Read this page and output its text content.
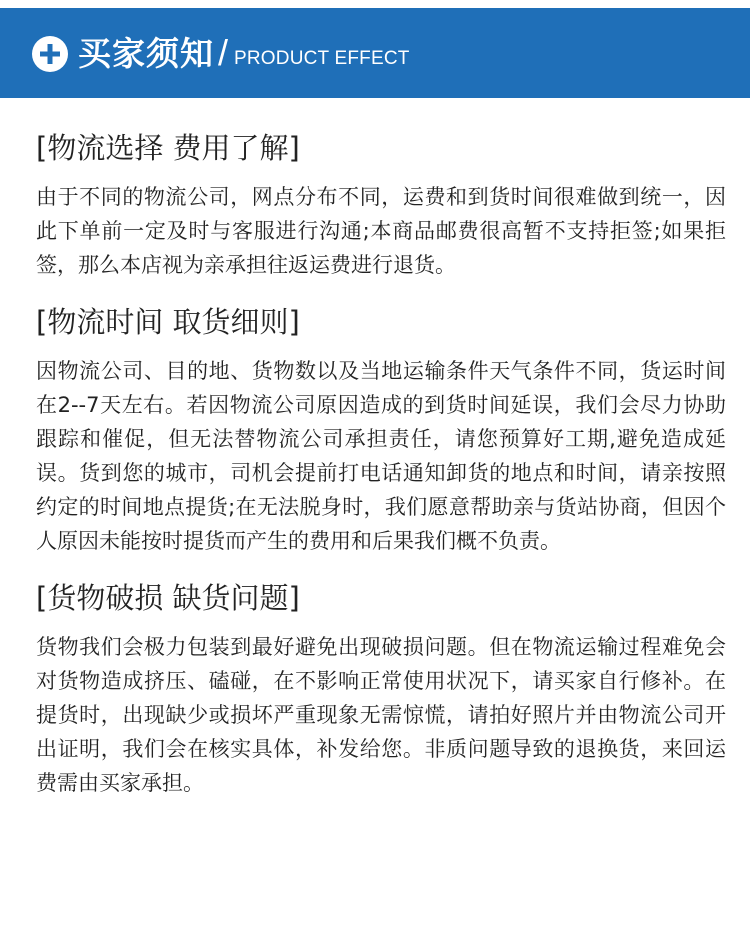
买家须知 / PRODUCT EFFECT
[物流选择 费用了解]

由于不同的物流公司，网点分布不同，运费和到货时间很难做到统一，因此下单前一定及时与客服进行沟通;本商品邮费很高暂不支持拒签;如果拒签，那么本店视为亲承担往返运费进行退货。

[物流时间 取货细则]

因物流公司、目的地、货物数以及当地运输条件天气条件不同，货运时间在2--7天左右。若因物流公司原因造成的到货时间延误，我们会尽力协助跟踪和催促，但无法替物流公司承担责任，请您预算好工期,避免造成延误。货到您的城市，司机会提前打电话通知卸货的地点和时间，请亲按照约定的时间地点提货;在无法脱身时，我们愿意帮助亲与货站协商，但因个人原因未能按时提货而产生的费用和后果我们概不负责。

[货物破损 缺货问题]

货物我们会极力包装到最好避免出现破损问题。但在物流运输过程难免会对货物造成挤压、磕碰，在不影响正常使用状况下，请买家自行修补。在提货时，出现缺少或损坏严重现象无需惊慌，请拍好照片并由物流公司开出证明，我们会在核实具体，补发给您。非质问题导致的退换货，来回运费需由买家承担。
